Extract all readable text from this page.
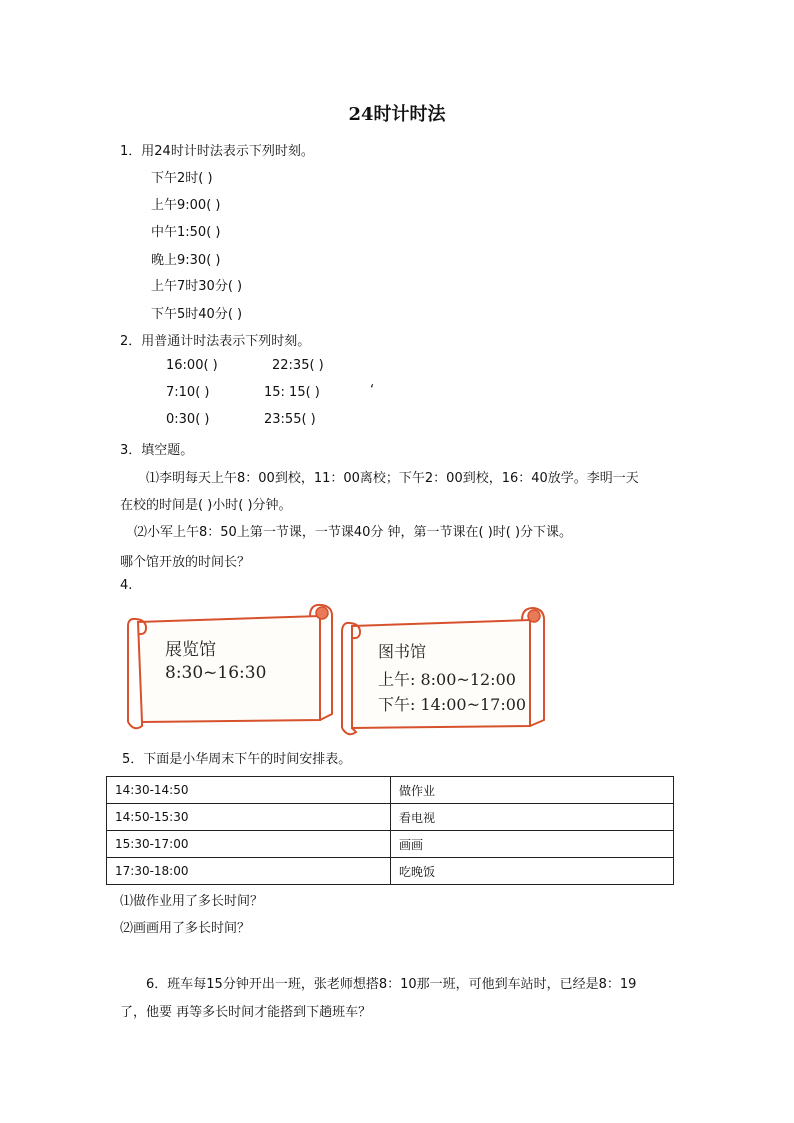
24时计时法
1．用24时计时法表示下列时刻。
下午2时( )
上午9:00( )
中午1:50( )
晚上9:30( )
上午7时30分( )
下午5时40分( )
2．用普通计时法表示下列时刻。
16:00( )	22:35( )
7:10( )	15: 15( )	‘
0:30( )	23:55( )
3．填空题。
⑴李明每天上午8：00到校，11：00离校；下午2：00到校，16：40放学。李明一天
在校的时间是( )小时( )分钟。
⑵小军上午8：50上第一节课，一节课40分 钟，第一节课在( )时( )分下课。
哪个馆开放的时间长？
4.
展览馆
8:30~16:30
图书馆
上午: 8:00~12:00
下午: 14:00~17:00
5．下面是小华周末下午的时间安排表。
14:30-14:50	做作业
14:50-15:30	看电视
15:30-17:00	画画
17:30-18:00	吃晚饭
⑴做作业用了多长时间？
⑵画画用了多长时间？
6．班车每15分钟开出一班，张老师想搭8：10那一班，可他到车站时，已经是8：19
了，他要 再等多长时间才能搭到下趟班车？
